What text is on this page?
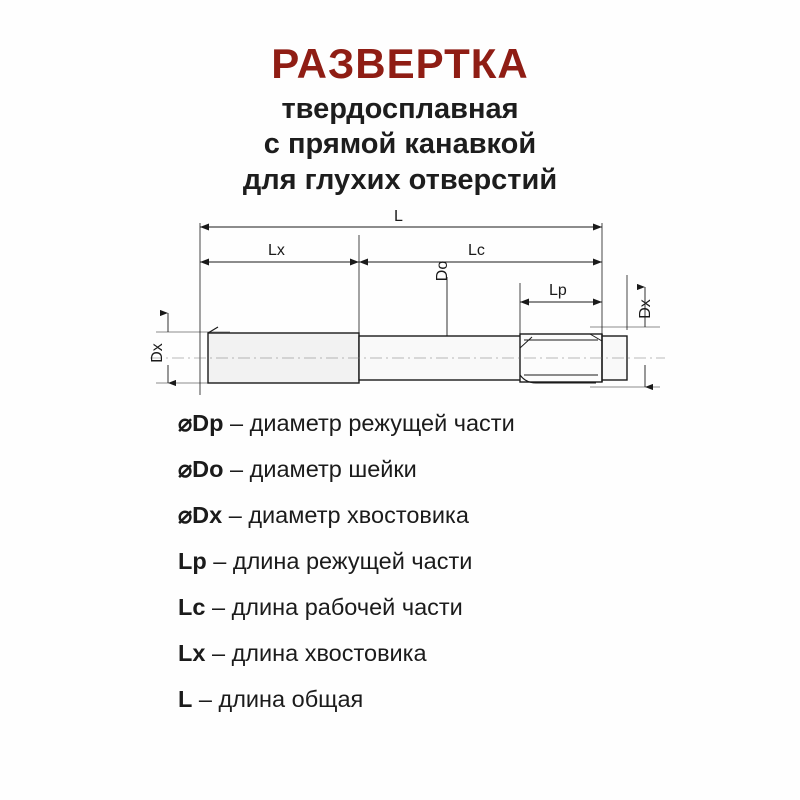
РАЗВЕРТКА
твердосплавная
с прямой канавкой
для глухих отверстий
L
Lx	Lc
Lp
Do
Dx
Dx
⌀Dp – диаметр режущей части
⌀Do – диаметр шейки
⌀Dx – диаметр хвостовика
Lp – длина режущей части
Lc – длина рабочей части
Lx – длина хвостовика
L – длина общая
